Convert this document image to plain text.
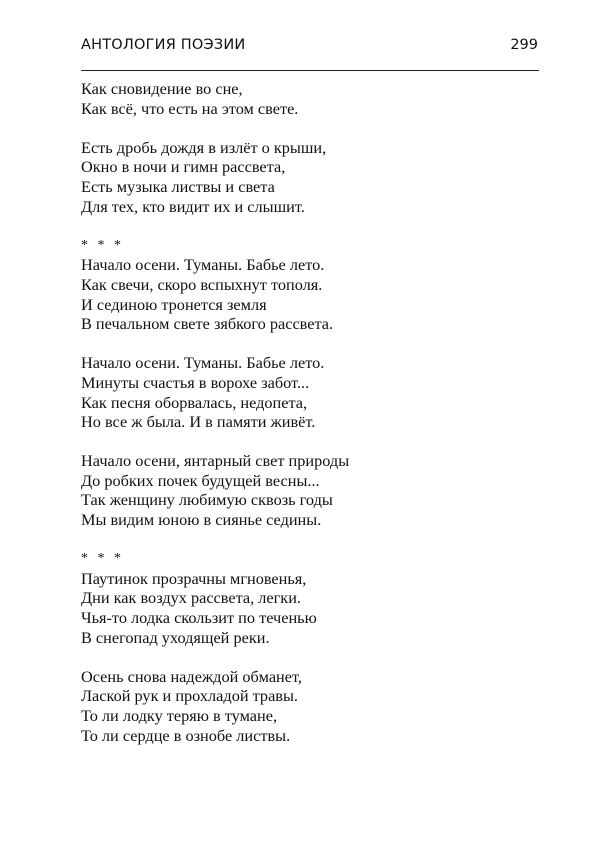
АНТОЛОГИЯ ПОЭЗИИ	299
Как сновидение во сне,
Как всё, что есть на этом свете.
Есть дробь дождя в излёт о крыши,
Окно в ночи и гимн рассвета,
Есть музыка листвы и света
Для тех, кто видит их и слышит.
* * *
Начало осени. Туманы. Бабье лето.
Как свечи, скоро вспыхнут тополя.
И сединою тронется земля
В печальном свете зябкого рассвета.
Начало осени. Туманы. Бабье лето.
Минуты счастья в ворохе забот...
Как песня оборвалась, недопета,
Но все ж была. И в памяти живёт.
Начало осени, янтарный свет природы
До робких почек будущей весны...
Так женщину любимую сквозь годы
Мы видим юною в сиянье седины.
* * *
Паутинок прозрачны мгновенья,
Дни как воздух рассвета, легки.
Чья-то лодка скользит по теченью
В снегопад уходящей реки.
Осень снова надеждой обманет,
Лаской рук и прохладой травы.
То ли лодку теряю в тумане,
То ли сердце в ознобе листвы.
